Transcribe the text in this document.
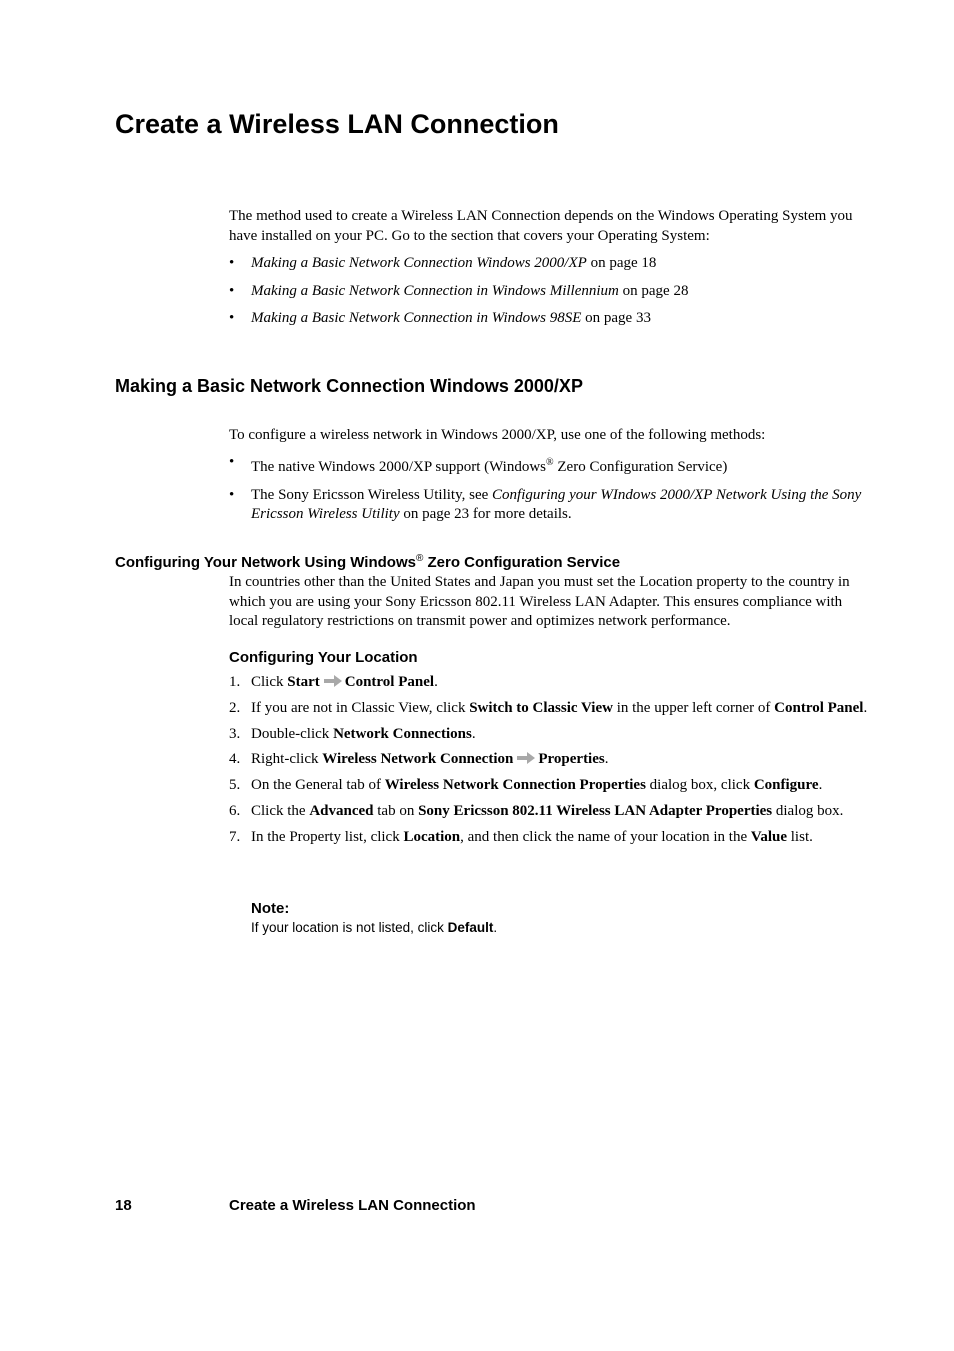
Create a Wireless LAN Connection
The method used to create a Wireless LAN Connection depends on the Windows Operating System you have installed on your PC. Go to the section that covers your Operating System:
• Making a Basic Network Connection Windows 2000/XP on page 18
• Making a Basic Network Connection in Windows Millennium on page 28
• Making a Basic Network Connection in Windows 98SE on page 33
Making a Basic Network Connection Windows 2000/XP
To configure a wireless network in Windows 2000/XP, use one of the following methods:
• The native Windows 2000/XP support (Windows® Zero Configuration Service)
• The Sony Ericsson Wireless Utility, see Configuring your WIndows 2000/XP Network Using the Sony Ericsson Wireless Utility on page 23 for more details.
Configuring Your Network Using Windows® Zero Configuration Service
In countries other than the United States and Japan you must set the Location property to the country in which you are using your Sony Ericsson 802.11 Wireless LAN Adapter. This ensures compliance with local regulatory restrictions on transmit power and optimizes network performance.
Configuring Your Location
1. Click Start Control Panel.
2. If you are not in Classic View, click Switch to Classic View in the upper left corner of Control Panel.
3. Double-click Network Connections.
4. Right-click Wireless Network Connection Properties.
5. On the General tab of Wireless Network Connection Properties dialog box, click Configure.
6. Click the Advanced tab on Sony Ericsson 802.11 Wireless LAN Adapter Properties dialog box.
7. In the Property list, click Location, and then click the name of your location in the Value list.
Note:
If your location is not listed, click Default.
18	Create a Wireless LAN Connection
